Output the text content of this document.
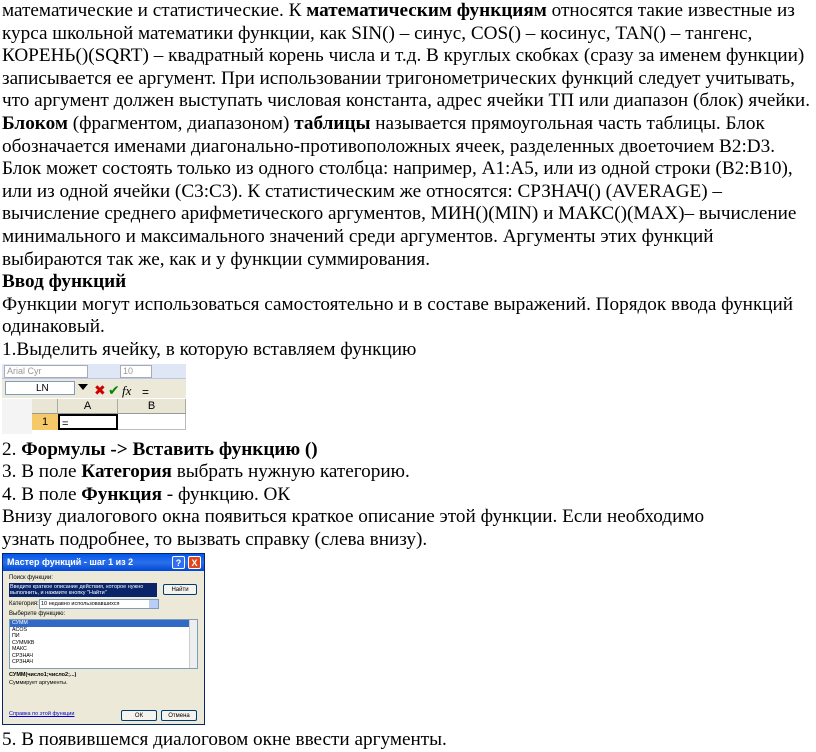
математические и статистические. К математическим функциям относятся такие известные из курса школьной математики функции, как SIN() – синус, COS() – косинус, TAN() – тангенс, КОРЕНЬ()(SQRT) – квадратный корень числа и т.д. В круглых скобках (сразу за именем функции) записывается ее аргумент. При использовании тригонометрических функций следует учитывать, что аргумент должен выступать числовая константа, адрес ячейки ТП или диапазон (блок) ячейки. Блоком (фрагментом, диапазоном) таблицы называется прямоугольная часть таблицы. Блок обозначается именами диагонально-противоположных ячеек, разделенных двоеточием В2:D3. Блок может состоять только из одного столбца: например, А1:А5, или из одной строки (В2:В10), или из одной ячейки (С3:С3). К статистическим же относятся: СРЗНАЧ() (AVERAGE) – вычисление среднего арифметического аргументов, МИН()(MIN) и МАКС()(MAX)– вычисление минимального и максимального значений среди аргументов. Аргументы этих функций выбираются так же, как и у функции суммирования.

Ввод функций

Функции могут использоваться самостоятельно и в составе выражений. Порядок ввода функций одинаковый.

1.Выделить ячейку, в которую вставляем функцию

Arial Cyr	10
LN	✖ ✔ fx =
A	B
1	=

2. Формулы -> Вставить функцию ()

3. В поле Категория выбрать нужную категорию.

4. В поле Функция - функцию. ОК

Внизу диалогового окна появиться краткое описание этой функции. Если необходимо узнать подробнее, то вызвать справку (слева внизу).

Мастер функций - шаг 1 из 2	?	X
Поиск функции:
Введите краткое описание действия, которое нужно выполнить, и нажмите кнопку "Найти"	Найти
Категория: 10 недавно использовавшихся
Выберите функцию:
СУММ
ACOS
ПИ
СУММКВ
МАКС
СРЗНАЧ
СРЗНАЧ
СУММ(число1;число2;...)
Суммирует аргументы.
Справка по этой функции	ОК	Отмена

5. В появившемся диалоговом окне ввести аргументы.
